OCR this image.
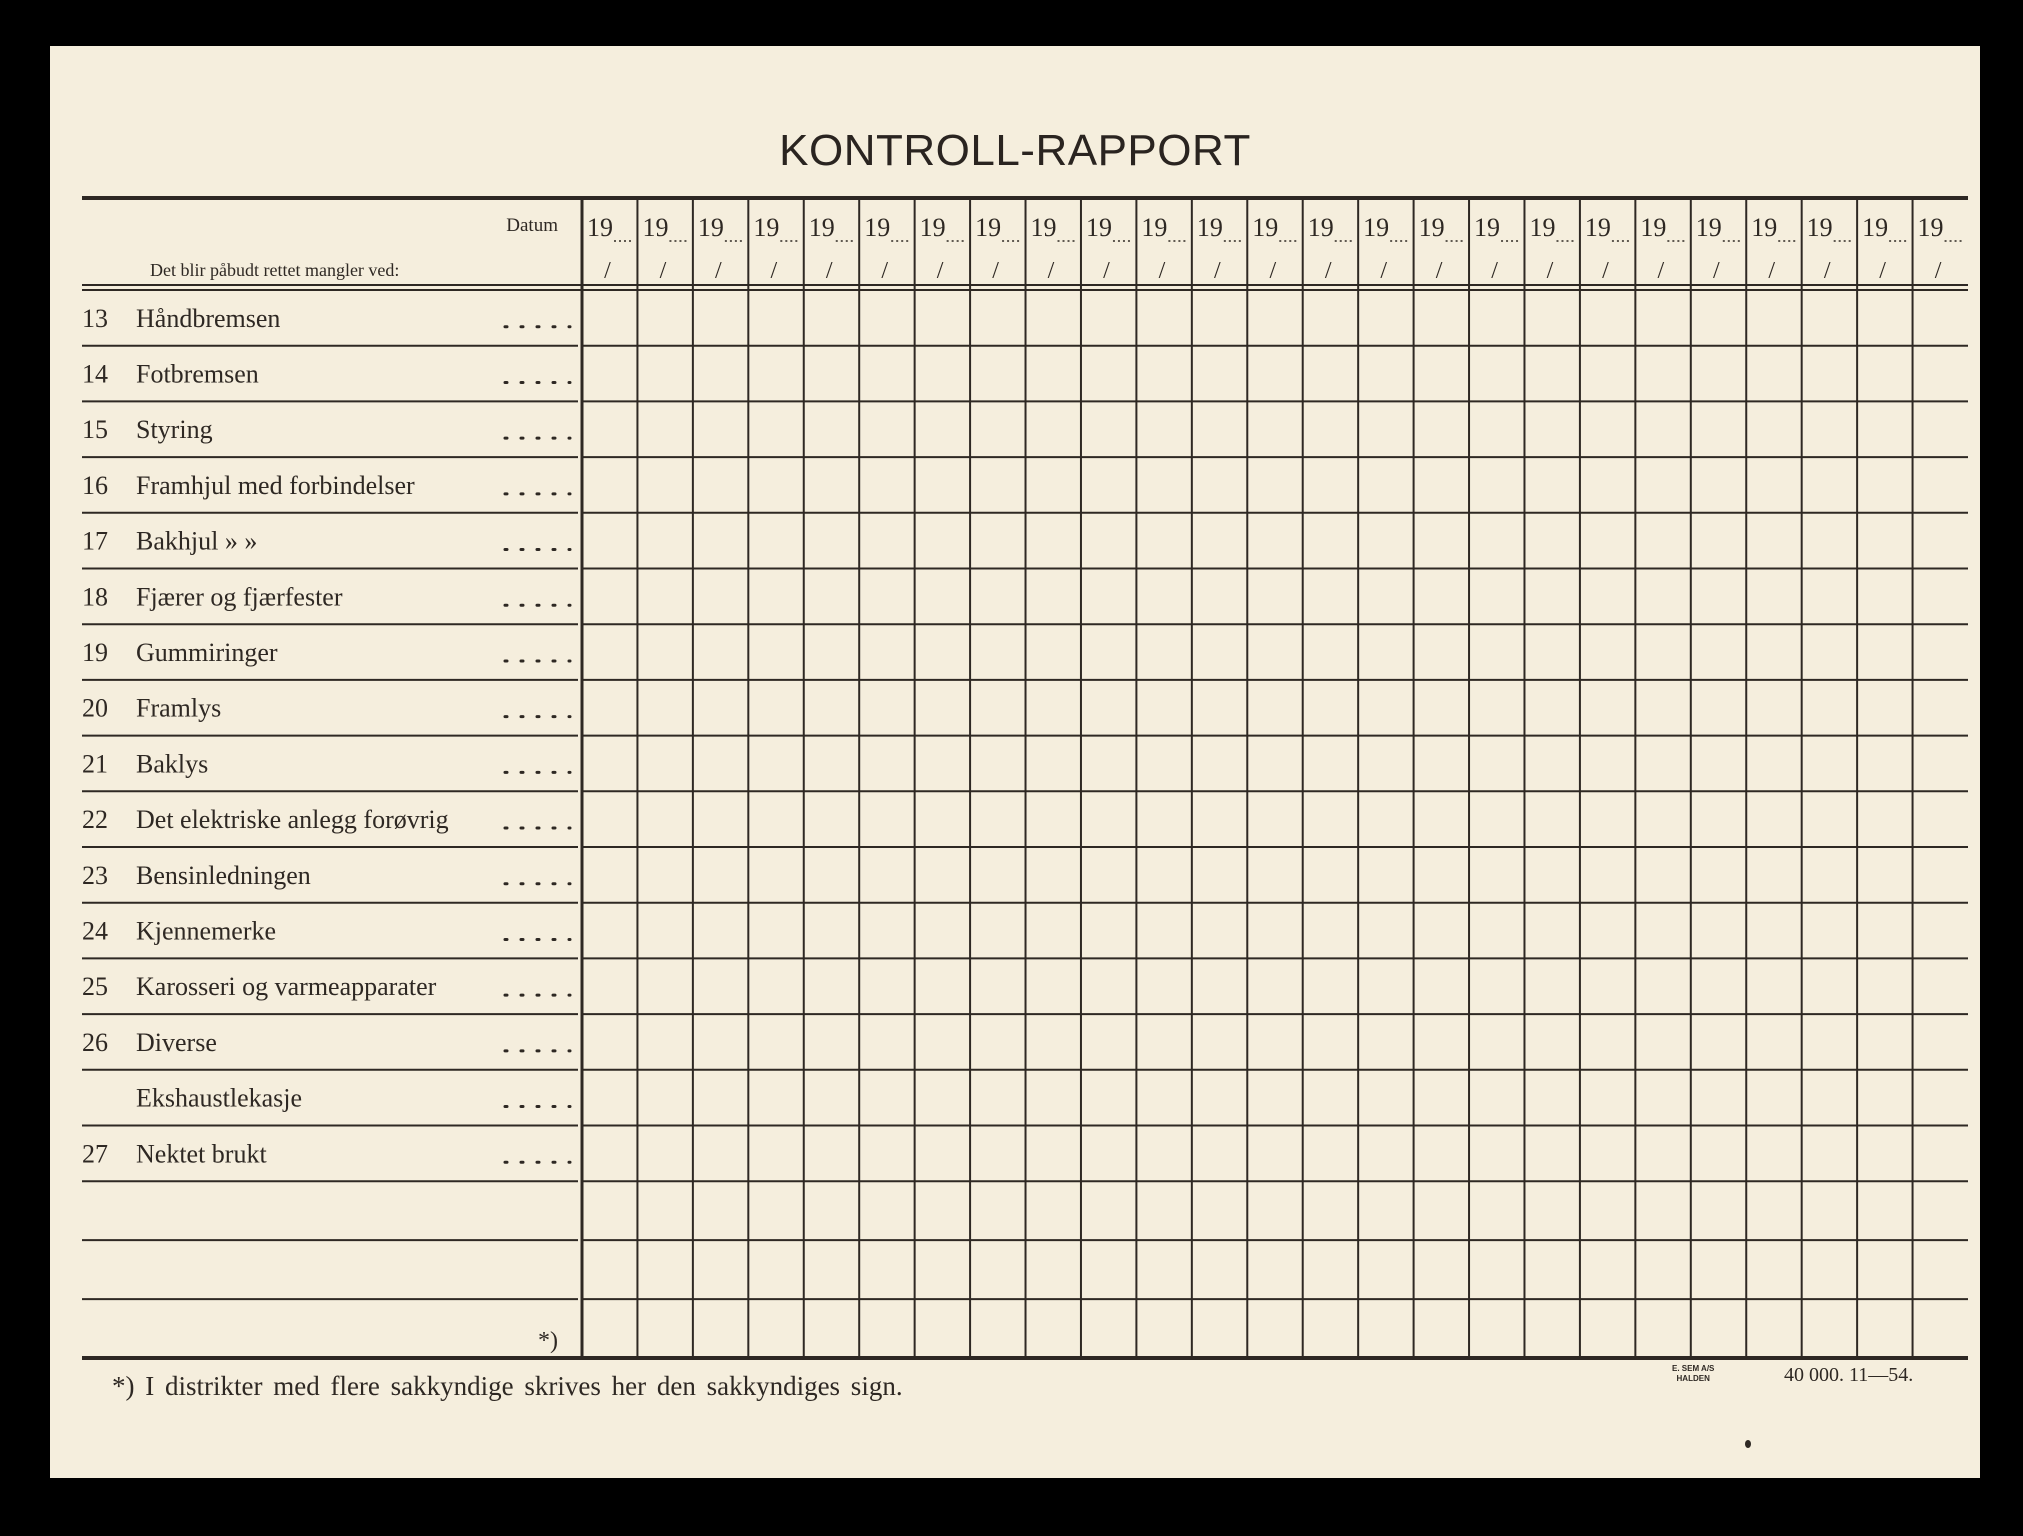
KONTROLL-RAPPORT
Datum
Det blir påbudt rettet mangler ved:
19
/
19
/
19
/
19
/
19
/
19
/
19
/
19
/
19
/
19
/
19
/
19
/
19
/
19
/
19
/
19
/
19
/
19
/
19
/
19
/
19
/
19
/
19
/
19
/
19
/
13 Håndbremsen
14 Fotbremsen
15 Styring
16 Framhjul med forbindelser
17 Bakhjul » »
18 Fjærer og fjærfester
19 Gummiringer
20 Framlys
21 Baklys
22 Det elektriske anlegg forøvrig
23 Bensinledningen
24 Kjennemerke
25 Karosseri og varmeapparater
26 Diverse
Ekshaustlekasje
27 Nektet brukt
*)
*) I distrikter med flere sakkyndige skrives her den sakkyndiges sign.
E. SEM A/S
HALDEN	40 000. 11—54.
